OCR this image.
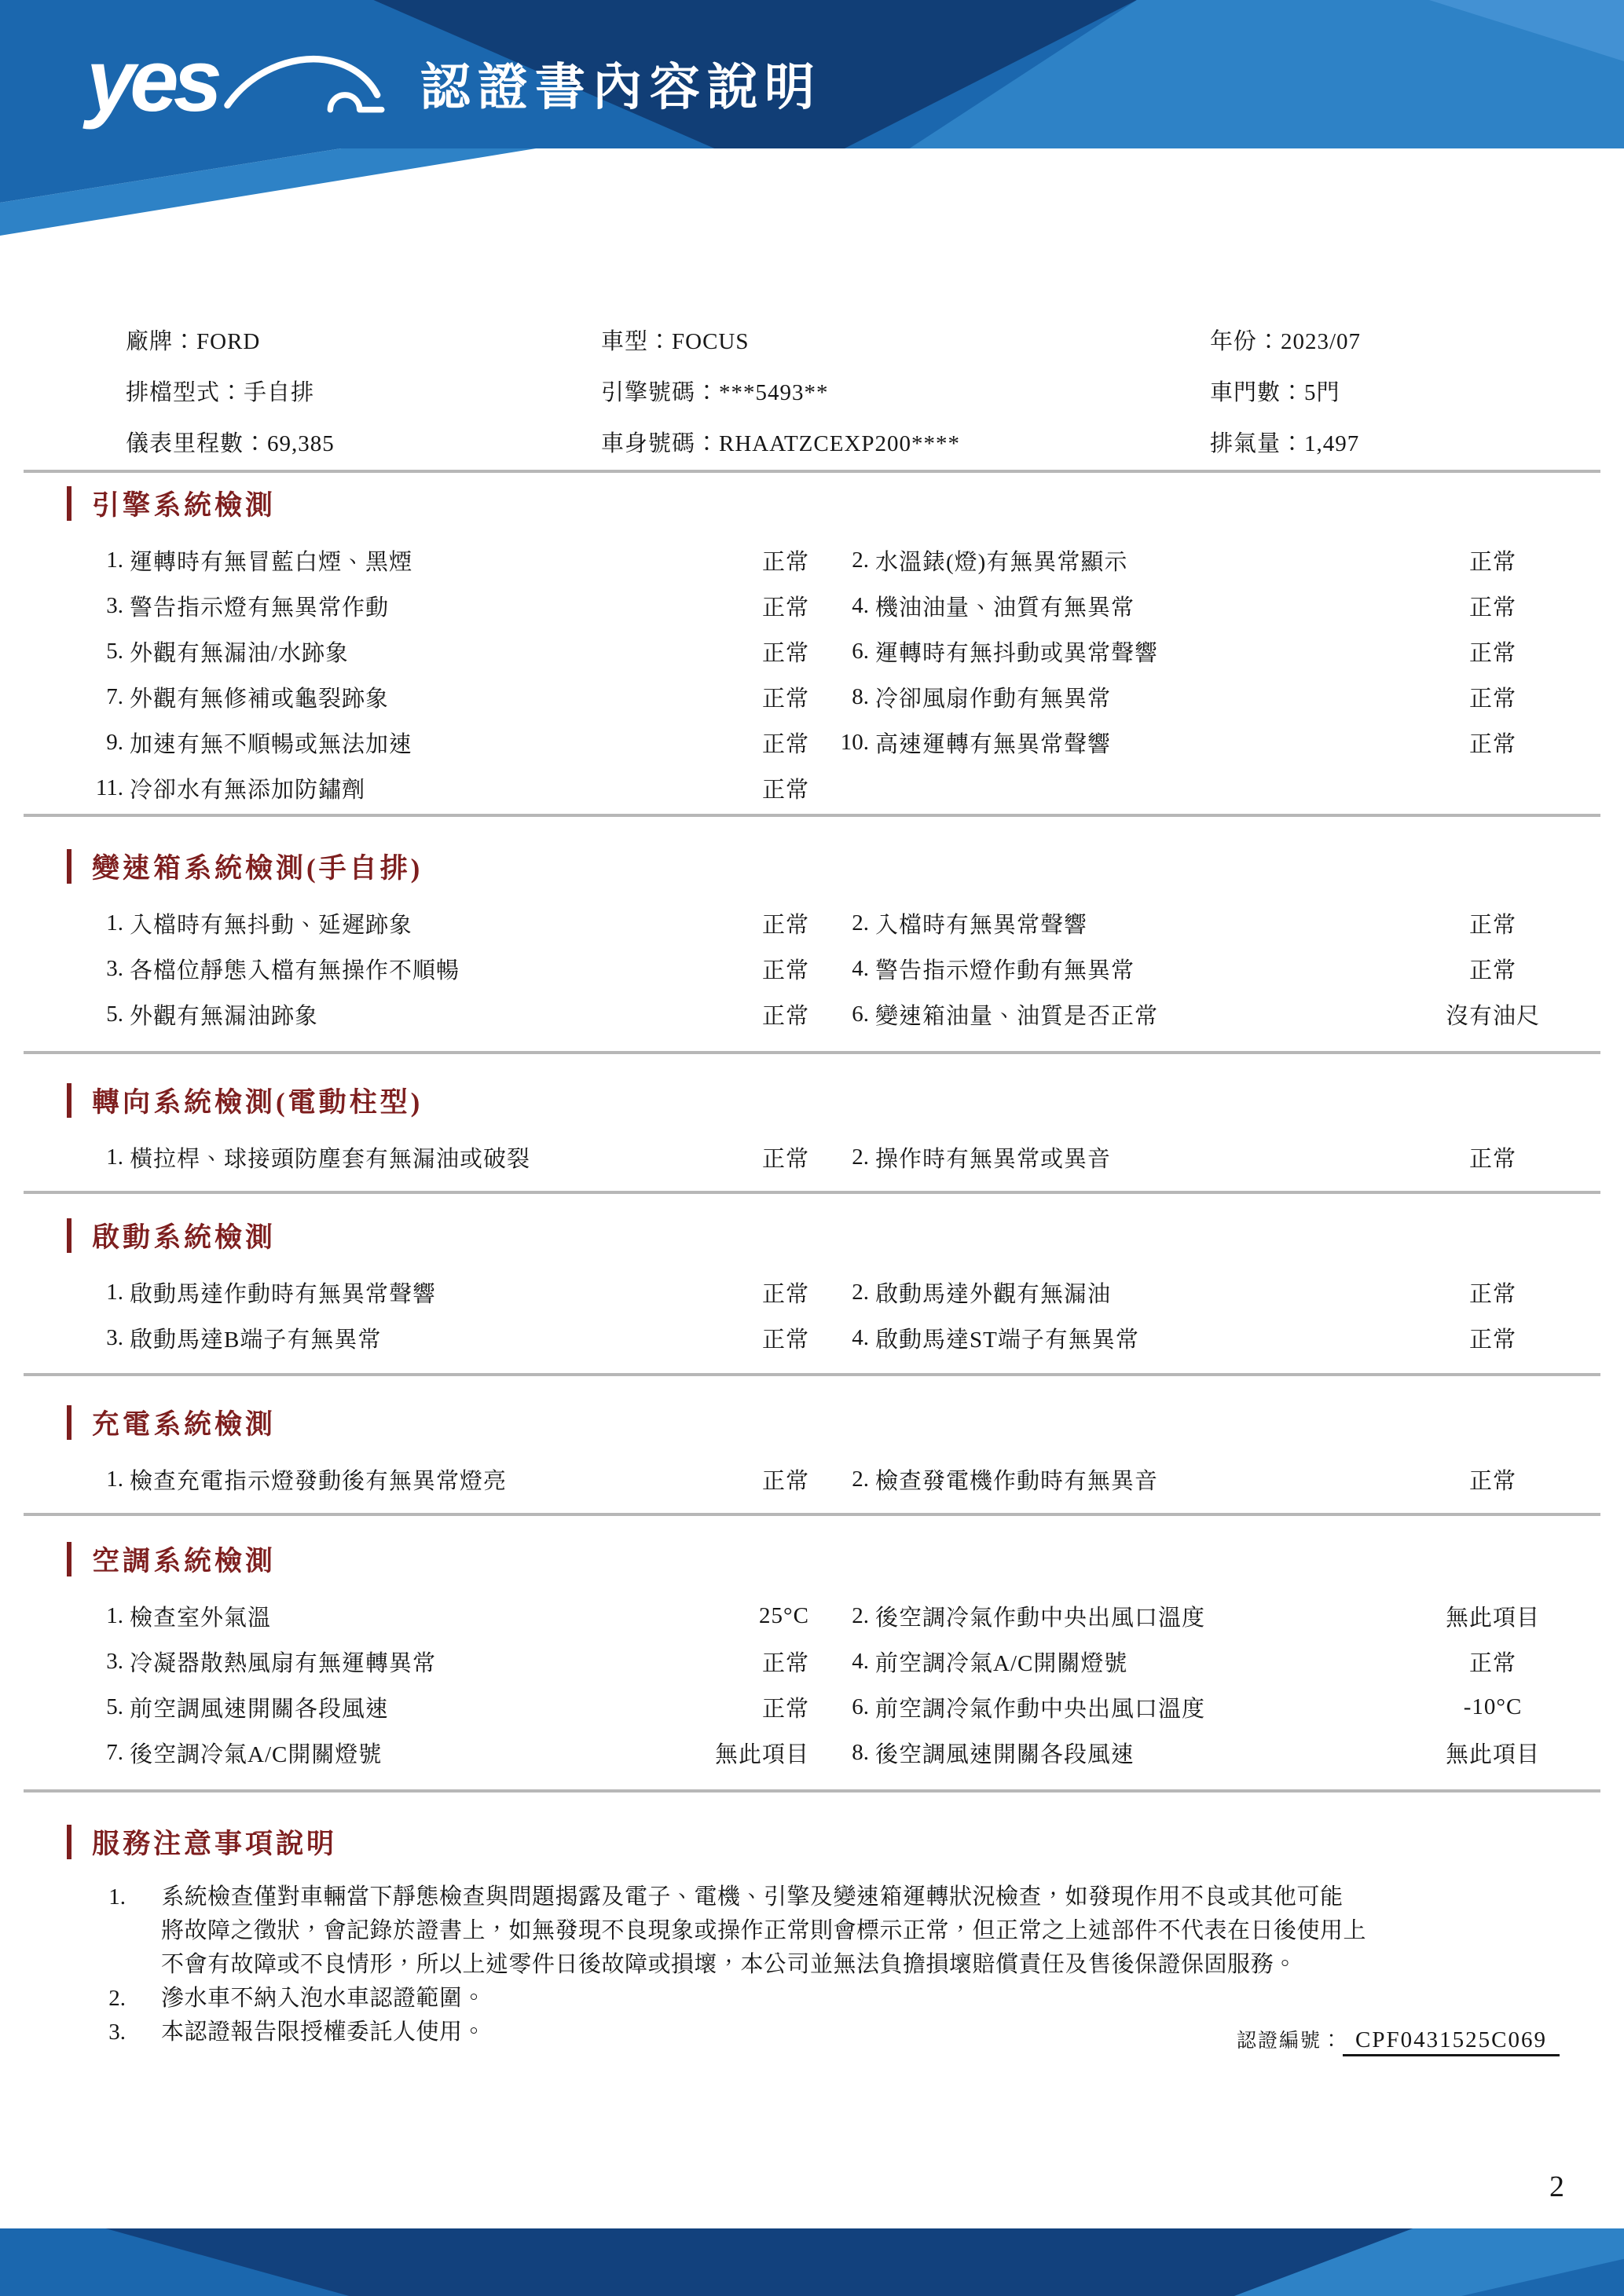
yes	認證書內容說明
廠牌：FORD	車型：FOCUS	年份：2023/07
排檔型式：手自排	引擎號碼：***5493**	車門數：5門
儀表里程數：69,385	車身號碼：RHAATZCEXP200****	排氣量：1,497
引擎系統檢測
1. 運轉時有無冒藍白煙、黑煙	正常	2. 水溫錶(燈)有無異常顯示	正常
3. 警告指示燈有無異常作動	正常	4. 機油油量、油質有無異常	正常
5. 外觀有無漏油/水跡象	正常	6. 運轉時有無抖動或異常聲響	正常
7. 外觀有無修補或龜裂跡象	正常	8. 冷卻風扇作動有無異常	正常
9. 加速有無不順暢或無法加速	正常	10. 高速運轉有無異常聲響	正常
11. 冷卻水有無添加防鏽劑	正常
變速箱系統檢測(手自排)
1. 入檔時有無抖動、延遲跡象	正常	2. 入檔時有無異常聲響	正常
3. 各檔位靜態入檔有無操作不順暢	正常	4. 警告指示燈作動有無異常	正常
5. 外觀有無漏油跡象	正常	6. 變速箱油量、油質是否正常	沒有油尺
轉向系統檢測(電動柱型)
1. 橫拉桿、球接頭防塵套有無漏油或破裂	正常	2. 操作時有無異常或異音	正常
啟動系統檢測
1. 啟動馬達作動時有無異常聲響	正常	2. 啟動馬達外觀有無漏油	正常
3. 啟動馬達B端子有無異常	正常	4. 啟動馬達ST端子有無異常	正常
充電系統檢測
1. 檢查充電指示燈發動後有無異常燈亮	正常	2. 檢查發電機作動時有無異音	正常
空調系統檢測
1. 檢查室外氣溫	25°C	2. 後空調冷氣作動中央出風口溫度	無此項目
3. 冷凝器散熱風扇有無運轉異常	正常	4. 前空調冷氣A/C開關燈號	正常
5. 前空調風速開關各段風速	正常	6. 前空調冷氣作動中央出風口溫度	-10°C
7. 後空調冷氣A/C開關燈號	無此項目	8. 後空調風速開關各段風速	無此項目
服務注意事項說明
1. 系統檢查僅對車輛當下靜態檢查與問題揭露及電子、電機、引擎及變速箱運轉狀況檢查，如發現作用不良或其他可能
將故障之徵狀，會記錄於證書上，如無發現不良現象或操作正常則會標示正常，但正常之上述部件不代表在日後使用上
不會有故障或不良情形，所以上述零件日後故障或損壞，本公司並無法負擔損壞賠償責任及售後保證保固服務。
2. 滲水車不納入泡水車認證範圍。
3. 本認證報告限授權委託人使用。	認證編號： CPF0431525C069
2
